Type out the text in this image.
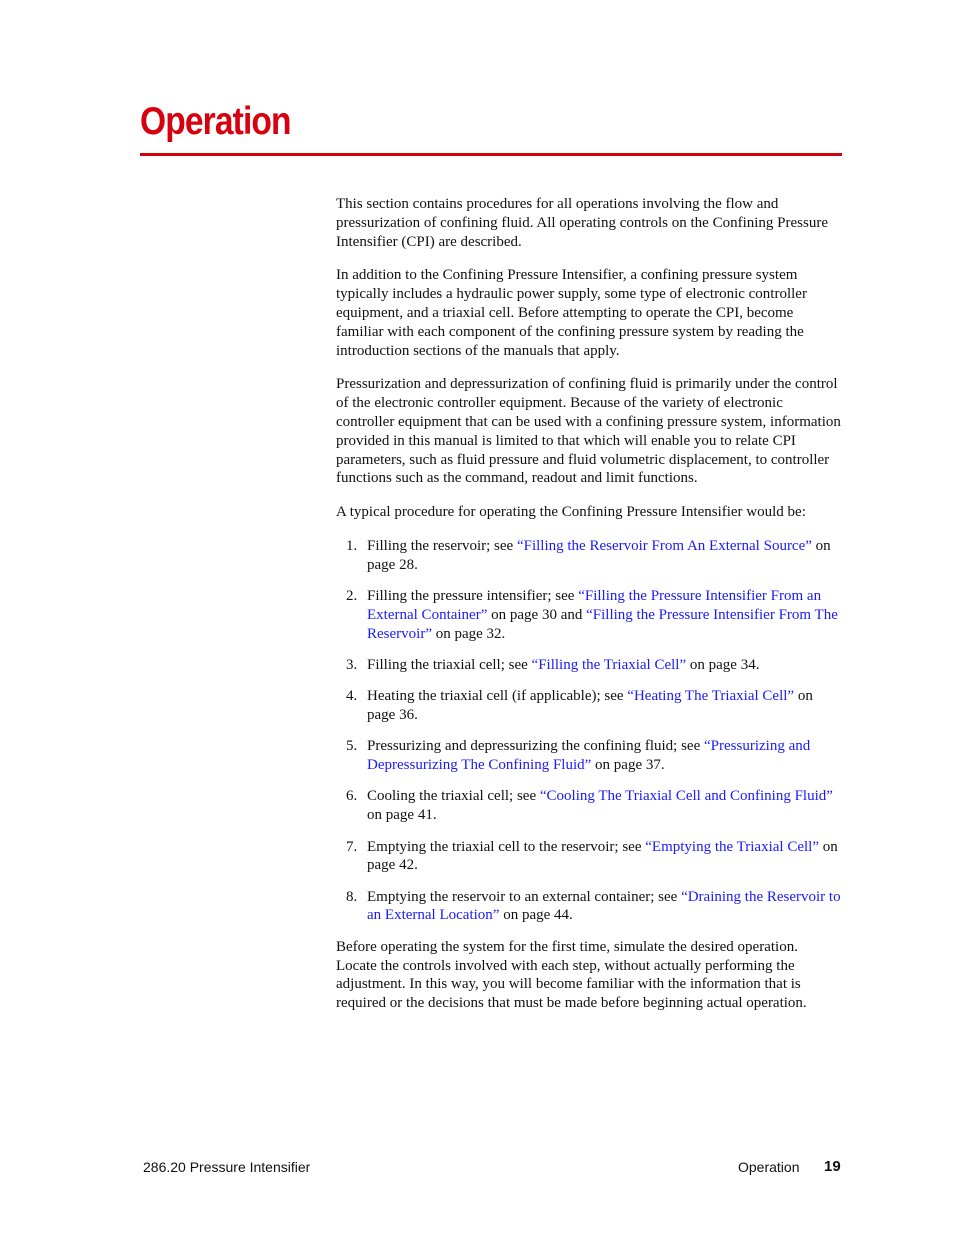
Operation

This section contains procedures for all operations involving the flow and pressurization of confining fluid. All operating controls on the Confining Pressure Intensifier (CPI) are described.

In addition to the Confining Pressure Intensifier, a confining pressure system typically includes a hydraulic power supply, some type of electronic controller equipment, and a triaxial cell. Before attempting to operate the CPI, become familiar with each component of the confining pressure system by reading the introduction sections of the manuals that apply.

Pressurization and depressurization of confining fluid is primarily under the control of the electronic controller equipment. Because of the variety of electronic controller equipment that can be used with a confining pressure system, information provided in this manual is limited to that which will enable you to relate CPI parameters, such as fluid pressure and fluid volumetric displacement, to controller functions such as the command, readout and limit functions.

A typical procedure for operating the Confining Pressure Intensifier would be:

1. Filling the reservoir; see “Filling the Reservoir From An External Source” on page 28.
2. Filling the pressure intensifier; see “Filling the Pressure Intensifier From an External Container” on page 30 and “Filling the Pressure Intensifier From The Reservoir” on page 32.
3. Filling the triaxial cell; see “Filling the Triaxial Cell” on page 34.
4. Heating the triaxial cell (if applicable); see “Heating The Triaxial Cell” on page 36.
5. Pressurizing and depressurizing the confining fluid; see “Pressurizing and Depressurizing The Confining Fluid” on page 37.
6. Cooling the triaxial cell; see “Cooling The Triaxial Cell and Confining Fluid” on page 41.
7. Emptying the triaxial cell to the reservoir; see “Emptying the Triaxial Cell” on page 42.
8. Emptying the reservoir to an external container; see “Draining the Reservoir to an External Location” on page 44.

Before operating the system for the first time, simulate the desired operation. Locate the controls involved with each step, without actually performing the adjustment. In this way, you will become familiar with the information that is required or the decisions that must be made before beginning actual operation.

286.20 Pressure Intensifier	Operation 19
